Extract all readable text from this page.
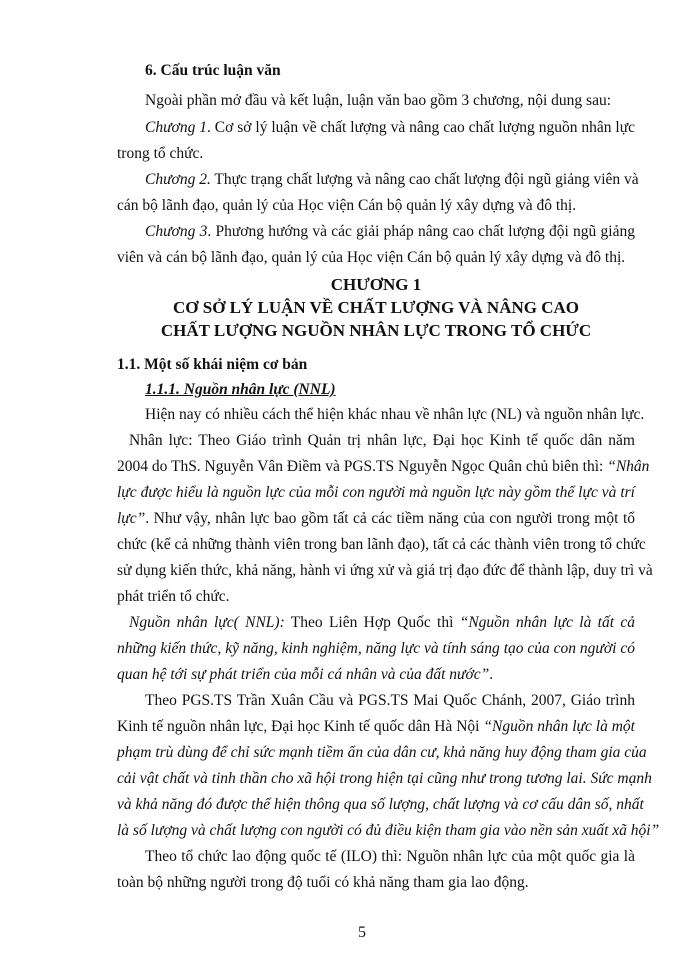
6. Cấu trúc luận văn
Ngoài phần mở đầu và kết luận, luận văn bao gồm 3 chương, nội dung sau:
Chương 1. Cơ sở lý luận về chất lượng và nâng cao chất lượng nguồn nhân lực
trong tổ chức.
Chương 2. Thực trạng chất lượng và nâng cao chất lượng đội ngũ giảng viên và
cán bộ lãnh đạo, quản lý của Học viện Cán bộ quản lý xây dựng và đô thị.
Chương 3. Phương hướng và các giải pháp nâng cao chất lượng đội ngũ giảng
viên và cán bộ lãnh đạo, quản lý của Học viện Cán bộ quản lý xây dựng và đô thị.
CHƯƠNG 1
CƠ SỞ LÝ LUẬN VỀ CHẤT LƯỢNG VÀ NÂNG CAO
CHẤT LƯỢNG NGUỒN NHÂN LỰC TRONG TỔ CHỨC
1.1. Một số khái niệm cơ bản
1.1.1. Nguồn nhân lực (NNL)
Hiện nay có nhiều cách thể hiện khác nhau về nhân lực (NL) và nguồn nhân lực.
Nhân lực: Theo Giáo trình Quản trị nhân lực, Đại học Kinh tế quốc dân năm
2004 do ThS. Nguyễn Vân Điềm và PGS.TS Nguyễn Ngọc Quân chủ biên thì: “Nhân
lực được hiểu là nguồn lực của mỗi con người mà nguồn lực này gồm thể lực và trí
lực”. Như vậy, nhân lực bao gồm tất cả các tiềm năng của con người trong một tổ
chức (kể cả những thành viên trong ban lãnh đạo), tất cả các thành viên trong tổ chức
sử dụng kiến thức, khả năng, hành vi ứng xử và giá trị đạo đức để thành lập, duy trì và
phát triển tổ chức.
Nguồn nhân lực( NNL): Theo Liên Hợp Quốc thì “Nguồn nhân lực là tất cả
những kiến thức, kỹ năng, kinh nghiệm, năng lực và tính sáng tạo của con người có
quan hệ tới sự phát triển của mỗi cá nhân và của đất nước”.
Theo PGS.TS Trần Xuân Cầu và PGS.TS Mai Quốc Chánh, 2007, Giáo trình
Kinh tế nguồn nhân lực, Đại học Kinh tế quốc dân Hà Nội “Nguồn nhân lực là một
phạm trù dùng để chỉ sức mạnh tiềm ẩn của dân cư, khả năng huy động tham gia của
cải vật chất và tinh thần cho xã hội trong hiện tại cũng như trong tương lai. Sức mạnh
và khả năng đó được thể hiện thông qua số lượng, chất lượng và cơ cấu dân số, nhất
là số lượng và chất lượng con người có đủ điều kiện tham gia vào nền sản xuất xã hội”
Theo tổ chức lao động quốc tế (ILO) thì: Nguồn nhân lực của một quốc gia là
toàn bộ những người trong độ tuổi có khả năng tham gia lao động.
5
